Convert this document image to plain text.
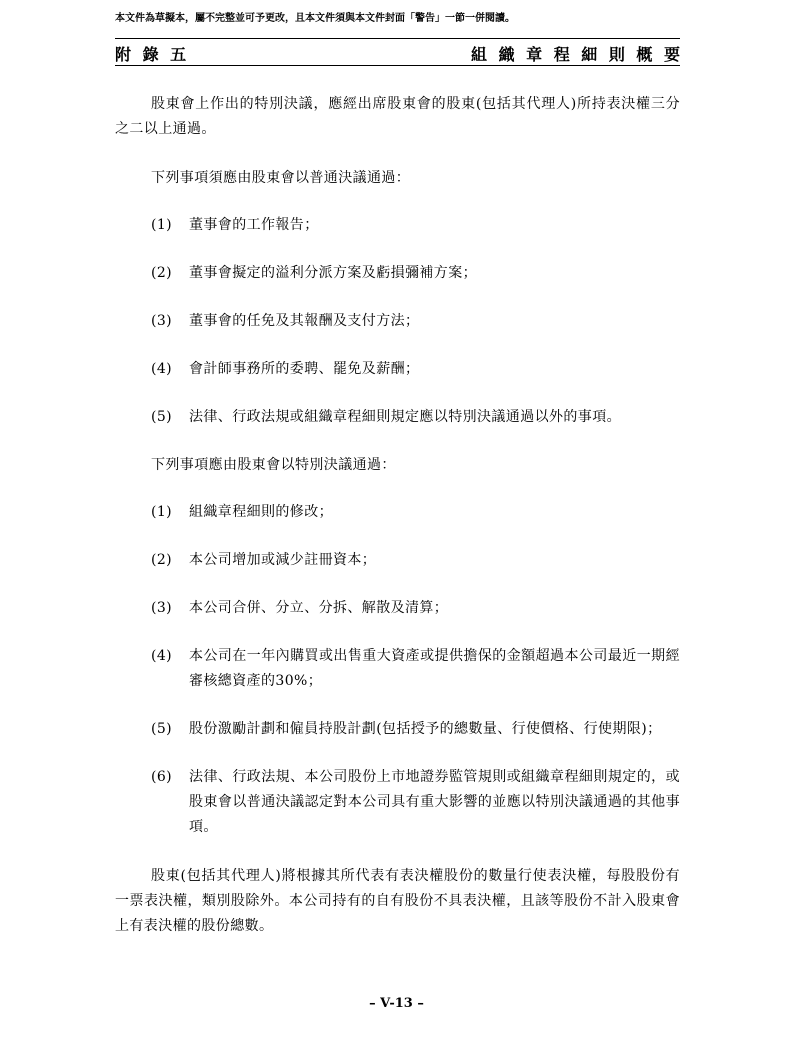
本文件為草擬本，屬不完整並可予更改，且本文件須與本文件封面「警告」一節一併閱讀。
附 錄 五	組 織 章 程 細 則 概 要

股東會上作出的特別決議，應經出席股東會的股東(包括其代理人)所持表決權三分之二以上通過。

下列事項須應由股東會以普通決議通過：

(1)	董事會的工作報告；
(2)	董事會擬定的溢利分派方案及虧損彌補方案；
(3)	董事會的任免及其報酬及支付方法；
(4)	會計師事務所的委聘、罷免及薪酬；
(5)	法律、行政法規或組織章程細則規定應以特別決議通過以外的事項。

下列事項應由股東會以特別決議通過：

(1)	組織章程細則的修改；
(2)	本公司增加或減少註冊資本；
(3)	本公司合併、分立、分拆、解散及清算；
(4)	本公司在一年內購買或出售重大資產或提供擔保的金額超過本公司最近一期經審核總資產的30%；
(5)	股份激勵計劃和僱員持股計劃(包括授予的總數量、行使價格、行使期限)；
(6)	法律、行政法規、本公司股份上市地證券監管規則或組織章程細則規定的，或股東會以普通決議認定對本公司具有重大影響的並應以特別決議通過的其他事項。

股東(包括其代理人)將根據其所代表有表決權股份的數量行使表決權，每股股份有一票表決權，類別股除外。本公司持有的自有股份不具表決權，且該等股份不計入股東會上有表決權的股份總數。

– V-13 –
